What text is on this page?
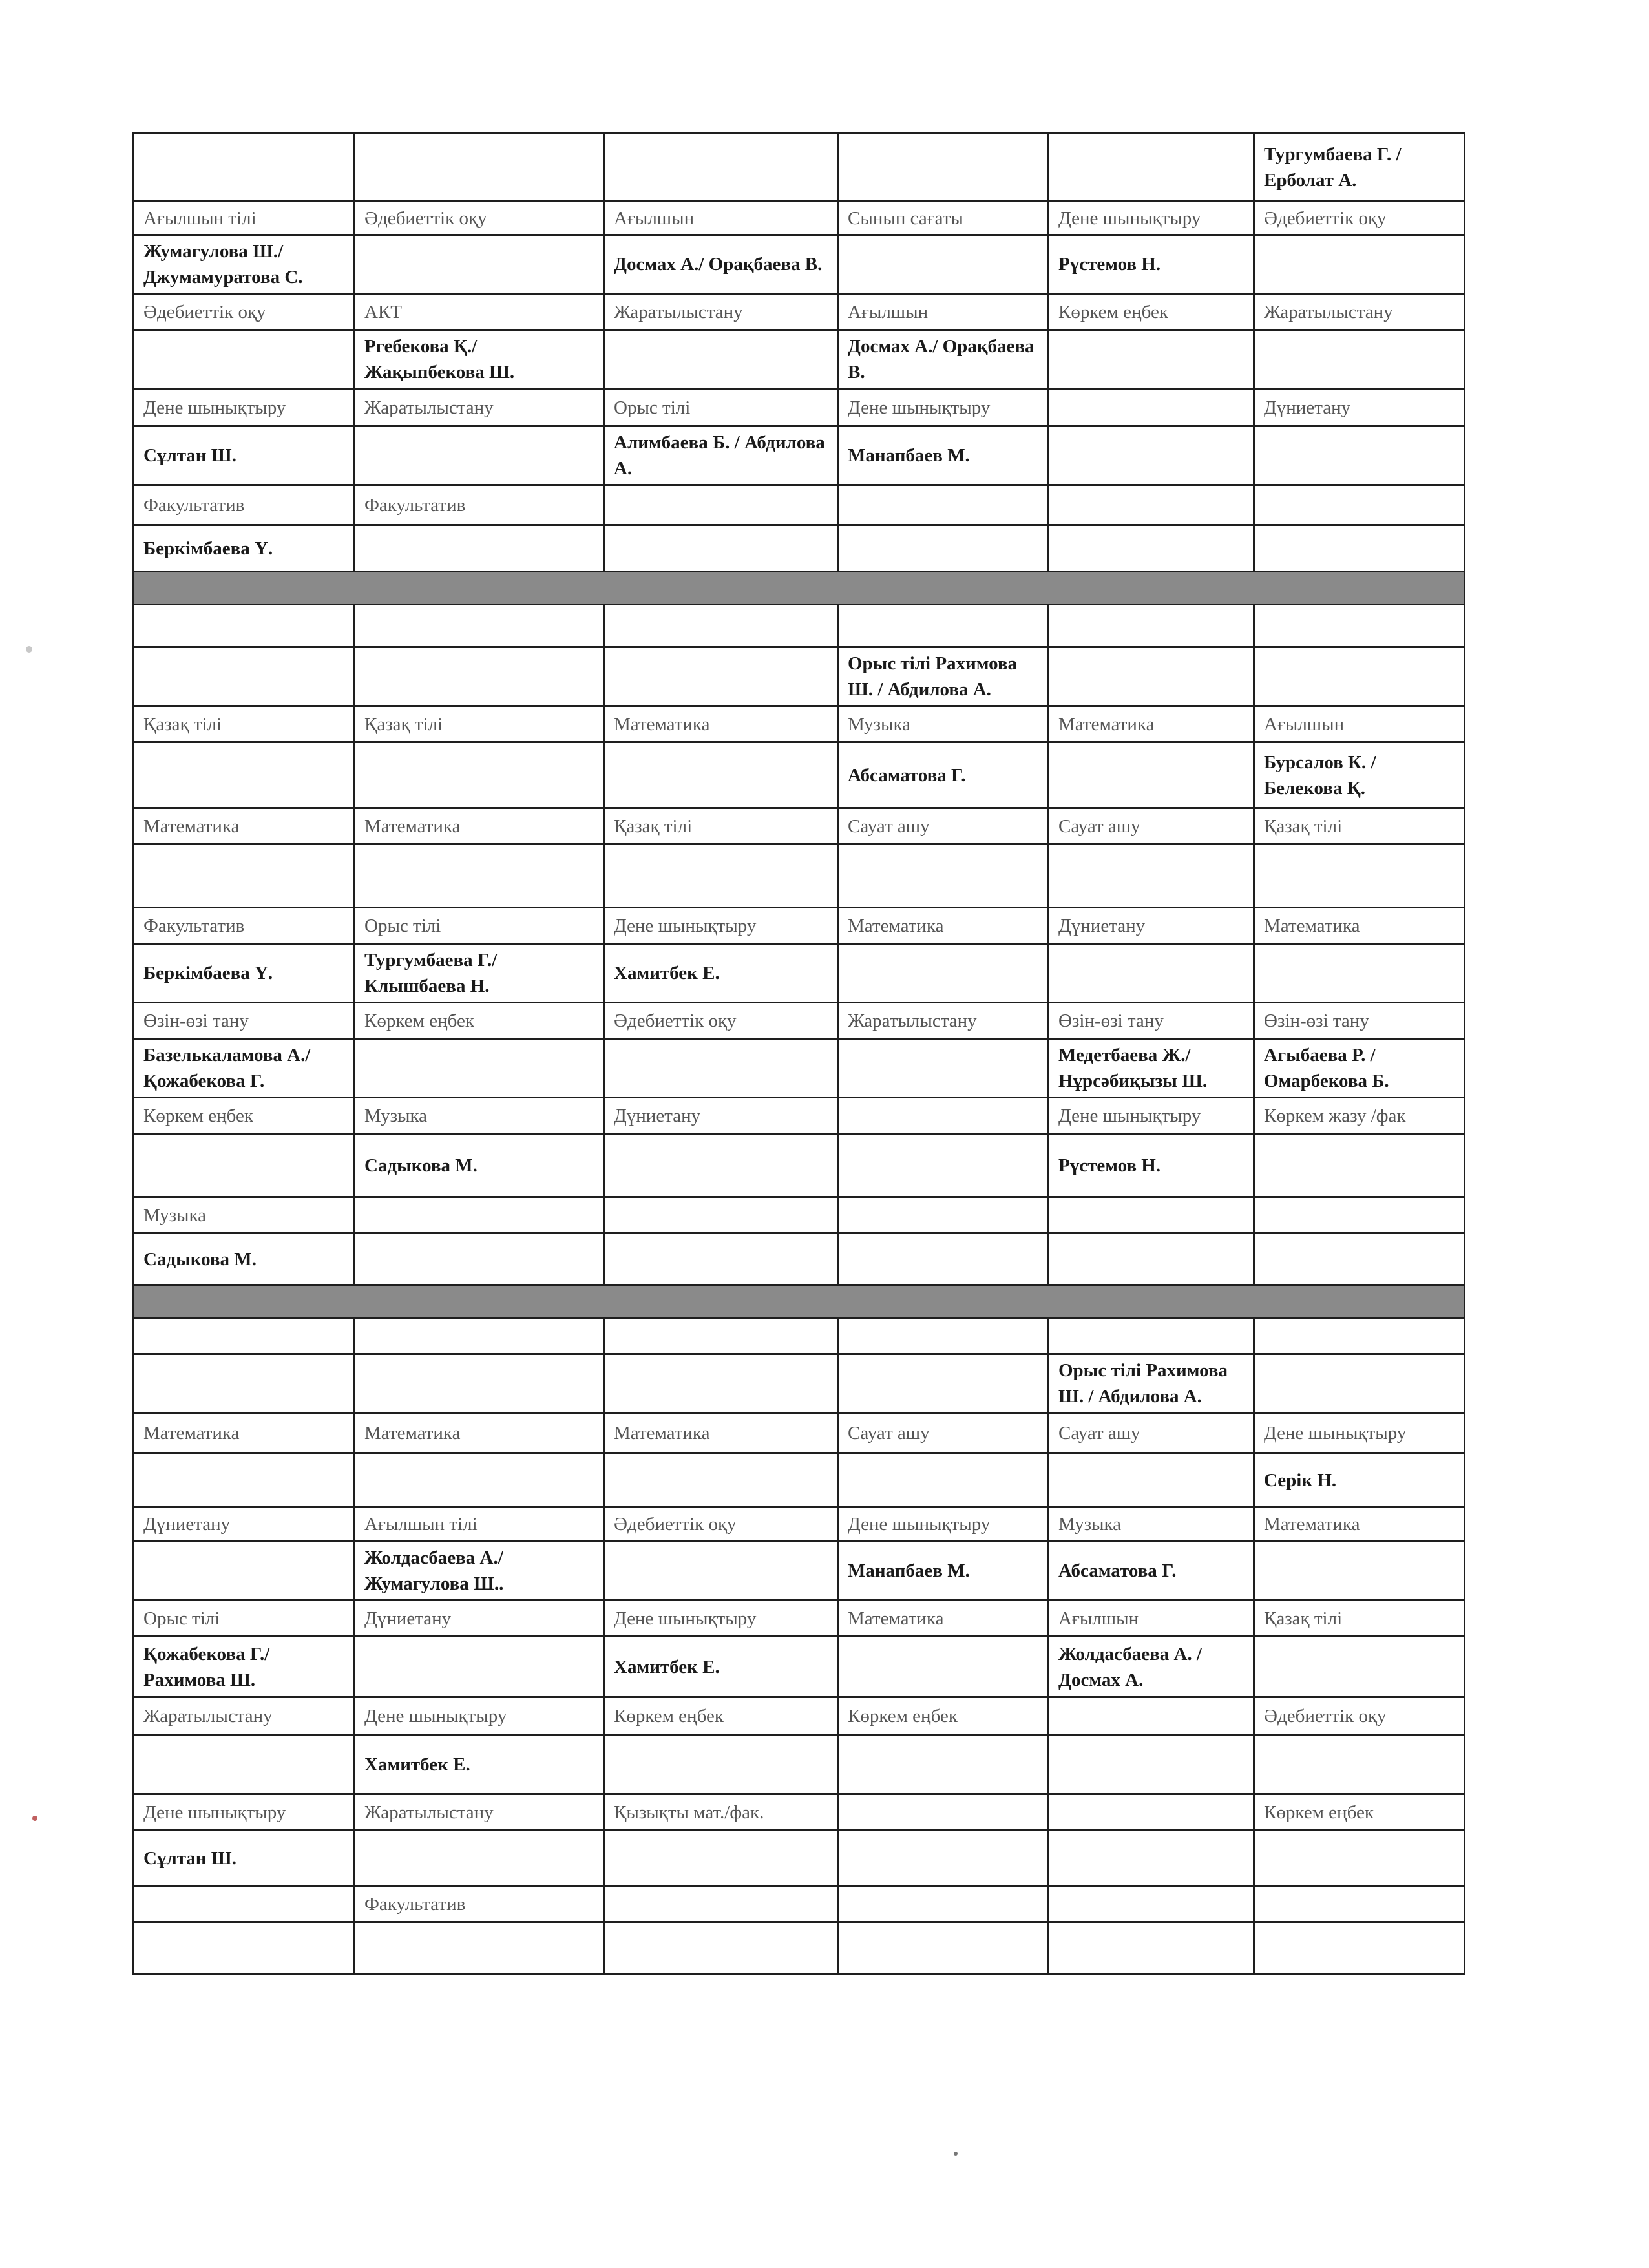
					Тургумбаева Г. / Ерболат А.
Ағылшын тілі	Әдебиеттік оқу	Ағылшын	Сынып сағаты	Дене шынықтыру	Әдебиеттік оқу
Жумагулова Ш./ Джумамуратова С.		Досмах А./ Орақбаева В.		Рүстемов Н.	
Әдебиеттік оқу	АКТ	Жаратылыстану	Ағылшын	Көркем еңбек	Жаратылыстану
	Ргебекова Қ./ Жақыпбекова Ш.		Досмах А./ Орақбаева В.		
Дене шынықтыру	Жаратылыстану	Орыс тілі	Дене шынықтыру		Дүниетану
Сұлтан Ш.		Алимбаева Б. / Абдилова А.	Манапбаев М.		
Факультатив	Факультатив				
Беркімбаева Ү.					

			Орыс тілі Рахимова Ш. / Абдилова А.		
Қазақ тілі	Қазақ тілі	Математика	Музыка	Математика	Ағылшын
			Абсаматова Г.		Бурсалов К. / Белекова Қ.
Математика	Математика	Қазақ тілі	Сауат ашу	Сауат ашу	Қазақ тілі

Факультатив	Орыс тілі	Дене шынықтыру	Математика	Дүниетану	Математика
Беркімбаева Ү.	Тургумбаева Г./ Клышбаева Н.	Хамитбек Е.			
Өзін-өзі тану	Көркем еңбек	Әдебиеттік оқу	Жаратылыстану	Өзін-өзі тану	Өзін-өзі тану
Базелькаламова А./ Қожабекова Г.				Медетбаева Ж./ Нұрсәбиқызы Ш.	Агыбаева Р. / Омарбекова Б.
Көркем еңбек	Музыка	Дүниетану		Дене шынықтыру	Көркем жазу /фак
	Садыкова М.			Рүстемов Н.	
Музыка					
Садыкова М.					

				Орыс тілі Рахимова Ш. / Абдилова А.	
Математика	Математика	Математика	Сауат ашу	Сауат ашу	Дене шынықтыру
					Серік Н.
Дүниетану	Ағылшын тілі	Әдебиеттік оқу	Дене шынықтыру	Музыка	Математика
	Жолдасбаева А./ Жумагулова Ш..		Манапбаев М.	Абсаматова Г.	
Орыс тілі	Дүниетану	Дене шынықтыру	Математика	Ағылшын	Қазақ тілі
Қожабекова Г./ Рахимова Ш.		Хамитбек Е.		Жолдасбаева А. / Досмах А.	
Жаратылыстану	Дене шынықтыру	Көркем еңбек	Көркем еңбек		Әдебиеттік оқу
	Хамитбек Е.				
Дене шынықтыру	Жаратылыстану	Қызықты мат./фак.			Көркем еңбек
Сұлтан Ш.					
	Факультатив				
